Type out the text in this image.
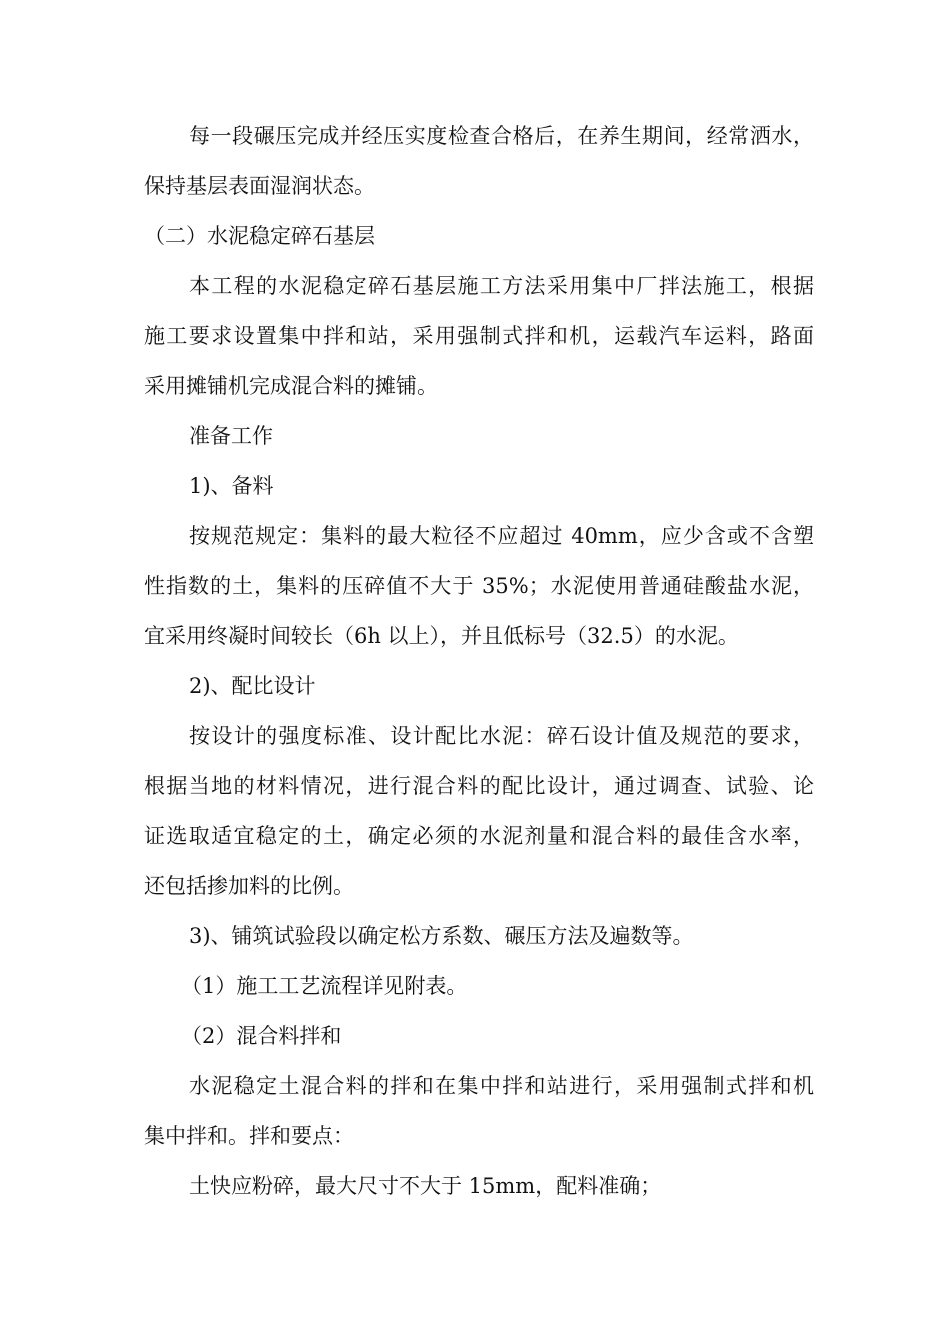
每一段碾压完成并经压实度检查合格后，在养生期间，经常洒水，
保持基层表面湿润状态。
（二）水泥稳定碎石基层
本工程的水泥稳定碎石基层施工方法采用集中厂拌法施工，根据
施工要求设置集中拌和站，采用强制式拌和机，运载汽车运料，路面
采用摊铺机完成混合料的摊铺。
准备工作
1)、备料
按规范规定：集料的最大粒径不应超过 40mm，应少含或不含塑
性指数的土，集料的压碎值不大于 35%；水泥使用普通硅酸盐水泥，
宜采用终凝时间较长（6h 以上），并且低标号（32.5）的水泥。
2)、配比设计
按设计的强度标准、设计配比水泥：碎石设计值及规范的要求，
根据当地的材料情况，进行混合料的配比设计，通过调查、试验、论
证选取适宜稳定的土，确定必须的水泥剂量和混合料的最佳含水率，
还包括掺加料的比例。
3)、铺筑试验段以确定松方系数、碾压方法及遍数等。
（1）施工工艺流程详见附表。
（2）混合料拌和
水泥稳定土混合料的拌和在集中拌和站进行，采用强制式拌和机
集中拌和。拌和要点：
土快应粉碎，最大尺寸不大于 15mm，配料准确；
